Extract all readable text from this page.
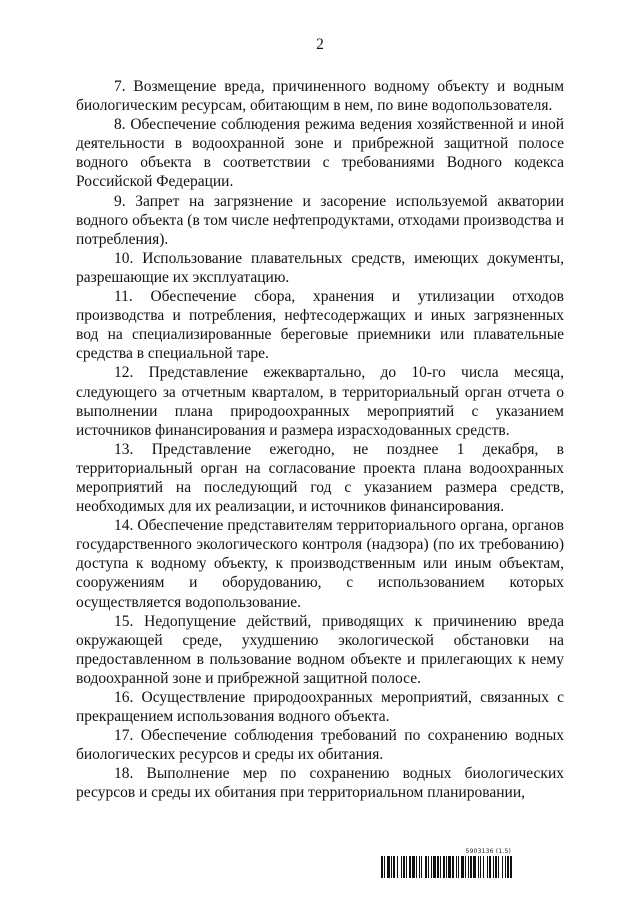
2

7. Возмещение вреда, причиненного водному объекту и водным биологическим ресурсам, обитающим в нем, по вине водопользователя.

8. Обеспечение соблюдения режима ведения хозяйственной и иной деятельности в водоохранной зоне и прибрежной защитной полосе водного объекта в соответствии с требованиями Водного кодекса Российской Федерации.

9. Запрет на загрязнение и засорение используемой акватории водного объекта (в том числе нефтепродуктами, отходами производства и потребления).

10. Использование плавательных средств, имеющих документы, разрешающие их эксплуатацию.

11. Обеспечение сбора, хранения и утилизации отходов производства и потребления, нефтесодержащих и иных загрязненных вод на специализированные береговые приемники или плавательные средства в специальной таре.

12. Представление ежеквартально, до 10-го числа месяца, следующего за отчетным кварталом, в территориальный орган отчета о выполнении плана природоохранных мероприятий с указанием источников финансирования и размера израсходованных средств.

13. Представление ежегодно, не позднее 1 декабря, в территориальный орган на согласование проекта плана водоохранных мероприятий на последующий год с указанием размера средств, необходимых для их реализации, и источников финансирования.

14. Обеспечение представителям территориального органа, органов государственного экологического контроля (надзора) (по их требованию) доступа к водному объекту, к производственным или иным объектам, сооружениям и оборудованию, с использованием которых осуществляется водопользование.

15. Недопущение действий, приводящих к причинению вреда окружающей среде, ухудшению экологической обстановки на предоставленном в пользование водном объекте и прилегающих к нему водоохранной зоне и прибрежной защитной полосе.

16. Осуществление природоохранных мероприятий, связанных с прекращением использования водного объекта.

17. Обеспечение соблюдения требований по сохранению водных биологических ресурсов и среды их обитания.

18. Выполнение мер по сохранению водных биологических ресурсов и среды их обитания при территориальном планировании,

5903136 (1.5)
